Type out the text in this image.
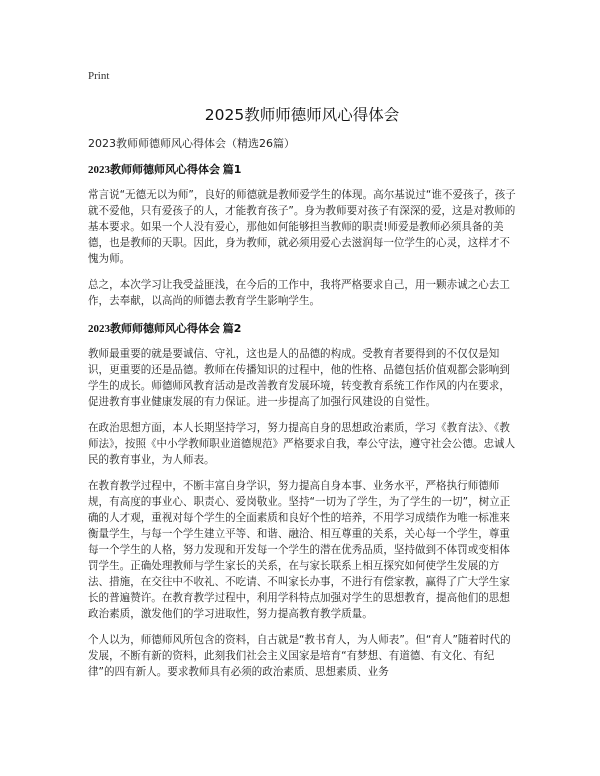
Print
2025教师师德师风心得体会

2023教师师德师风心得体会（精选26篇）

2023教师师德师风心得体会 篇1

常言说“无德无以为师”，良好的师德就是教师爱学生的体现。高尔基说过“谁不爱孩子，孩子就不爱他，只有爱孩子的人，才能教育孩子”。身为教师要对孩子有深深的爱，这是对教师的基本要求。如果一个人没有爱心，那他如何能够担当教师的职责!师爱是教师必须具备的美德，也是教师的天职。因此，身为教师，就必须用爱心去滋润每一位学生的心灵，这样才不愧为师。

总之，本次学习让我受益匪浅，在今后的工作中，我将严格要求自己，用一颗赤诚之心去工作，去奉献，以高尚的师德去教育学生影响学生。

2023教师师德师风心得体会 篇2

教师最重要的就是要诚信、守礼，这也是人的品德的构成。受教育者要得到的不仅仅是知识，更重要的还是品德。教师在传播知识的过程中，他的性格、品德包括价值观都会影响到学生的成长。师德师风教育活动是改善教育发展环境，转变教育系统工作作风的内在要求，促进教育事业健康发展的有力保证。进一步提高了加强行风建设的自觉性。

在政治思想方面，本人长期坚持学习，努力提高自身的思想政治素质，学习《教育法》、《教师法》，按照《中小学教师职业道德规范》严格要求自我，奉公守法，遵守社会公德。忠诚人民的教育事业，为人师表。

在教育教学过程中，不断丰富自身学识，努力提高自身本事、业务水平，严格执行师德师规，有高度的事业心、职责心、爱岗敬业。坚持“一切为了学生，为了学生的一切”，树立正确的人才观，重视对每个学生的全面素质和良好个性的培养，不用学习成绩作为唯一标准来衡量学生，与每一个学生建立平等、和谐、融洽、相互尊重的关系，关心每一个学生，尊重每一个学生的人格，努力发现和开发每一个学生的潜在优秀品质，坚持做到不体罚或变相体罚学生。正确处理教师与学生家长的关系，在与家长联系上相互探究如何使学生发展的方法、措施，在交往中不收礼、不吃请、不叫家长办事，不进行有偿家教，赢得了广大学生家长的普遍赞许。在教育教学过程中，利用学科特点加强对学生的思想教育，提高他们的思想政治素质，激发他们的学习进取性，努力提高教育教学质量。

个人以为，师德师风所包含的资料，自古就是“教书育人，为人师表”。但“育人”随着时代的发展，不断有新的资料，此刻我们社会主义国家是培育“有梦想、有道德、有文化、有纪律”的四有新人。要求教师具有必须的政治素质、思想素质、业务
